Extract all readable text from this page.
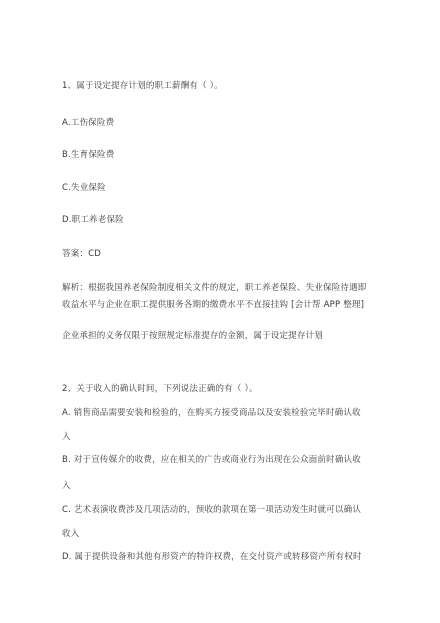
1、属于设定提存计划的职工薪酬有（ ）。
A.工伤保险费
B.生育保险费
C.失业保险
D.职工养老保险
答案：CD
解析：根据我国养老保险制度相关文件的规定，职工养老保险、失业保险待遇即
收益水平与企业在职工提供服务各期的缴费水平不直接挂钩 [会计帮 APP 整理]
企业承担的义务仅限于按照规定标准提存的金额，属于设定提存计划
2、关于收入的确认时间，下列说法正确的有（ ）。
A. 销售商品需要安装和检验的，在购买方接受商品以及安装检验完毕时确认收
入
B. 对于宣传媒介的收费，应在相关的广告或商业行为出现在公众面前时确认收
入
C. 艺术表演收费涉及几项活动的，预收的款项在第一项活动发生时就可以确认
收入
D. 属于提供设备和其他有形资产的特许权费，在交付资产或转移资产所有权时
